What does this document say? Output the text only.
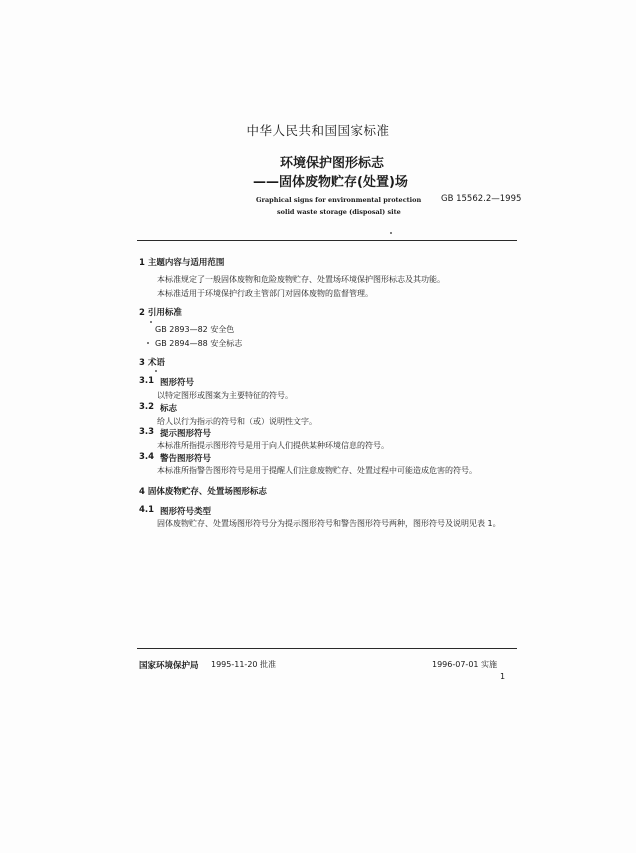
中华人民共和国国家标准
环境保护图形标志
——固体废物贮存(处置)场
Graphical signs for environmental protection
solid waste storage (disposal) site
GB 15562.2—1995
1 主题内容与适用范围
本标准规定了一般固体废物和危险废物贮存、处置场环境保护图形标志及其功能。
本标准适用于环境保护行政主管部门对固体废物的监督管理。
2 引用标准
GB 2893—82 安全色
GB 2894—88 安全标志
3 术语
3.1 图形符号
以特定图形或图案为主要特征的符号。
3.2 标志
给人以行为指示的符号和（或）说明性文字。
3.3 提示图形符号
本标准所指提示图形符号是用于向人们提供某种环境信息的符号。
3.4 警告图形符号
本标准所指警告图形符号是用于提醒人们注意废物贮存、处置过程中可能造成危害的符号。
4 固体废物贮存、处置场图形标志
4.1 图形符号类型
固体废物贮存、处置场图形符号分为提示图形符号和警告图形符号两种，图形符号及说明见表 1。
国家环境保护局 1995-11-20 批准	1996-07-01 实施
1
